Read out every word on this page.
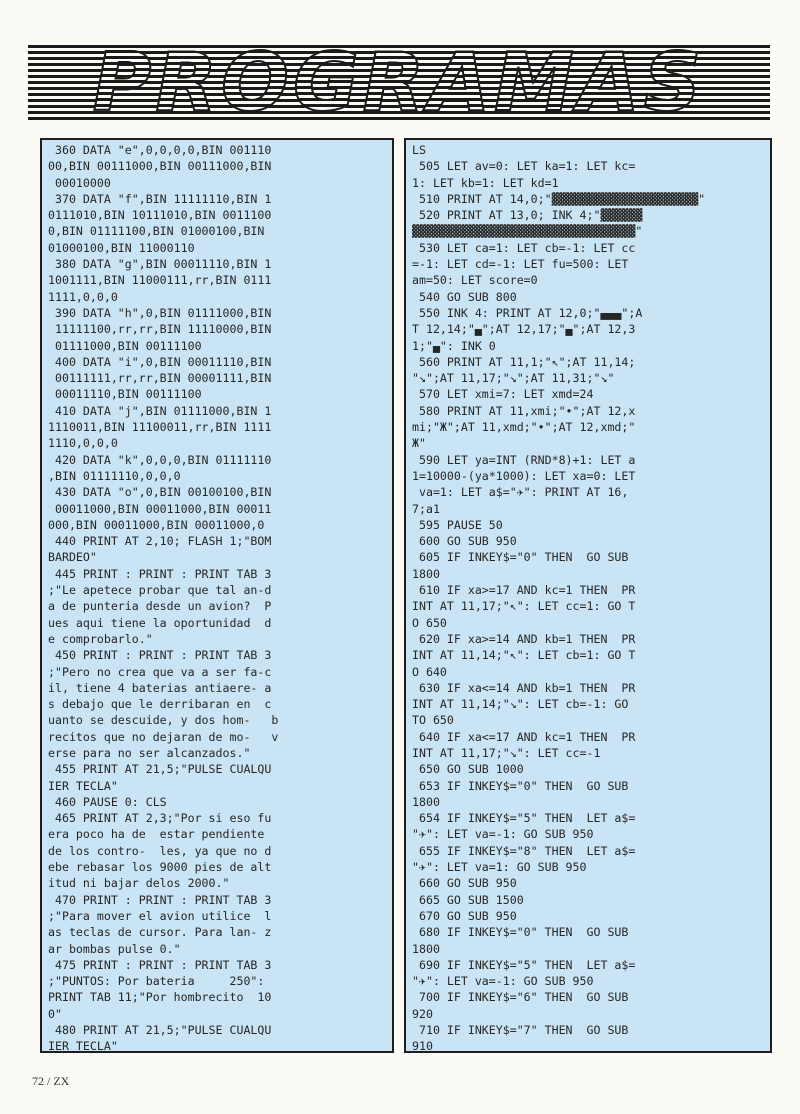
PROGRAMAS
360 DATA "e",0,0,0,0,BIN 001110
00,BIN 00111000,BIN 00111000,BIN
00010000
370 DATA "f",BIN 11111110,BIN 1
0111010,BIN 10111010,BIN 0011100
0,BIN 01111100,BIN 01000100,BIN
01000100,BIN 11000110
380 DATA "g",BIN 00011110,BIN 1
1001111,BIN 11000111,rr,BIN 0111
1111,0,0,0
390 DATA "h",0,BIN 01111000,BIN
11111100,rr,rr,BIN 11110000,BIN
01111000,BIN 00111100
400 DATA "i",0,BIN 00011110,BIN
00111111,rr,rr,BIN 00001111,BIN
00011110,BIN 00111100
410 DATA "j",BIN 01111000,BIN 1
1110011,BIN 11100011,rr,BIN 1111
1110,0,0,0
420 DATA "k",0,0,0,BIN 01111110
,BIN 01111110,0,0,0
430 DATA "o",0,BIN 00100100,BIN
00011000,BIN 00011000,BIN 00011
000,BIN 00011000,BIN 00011000,0
440 PRINT AT 2,10; FLASH 1;"BOM
BARDEO"
445 PRINT : PRINT : PRINT TAB 3
;"Le apetece probar que tal an-d
a de punteria desde un avion?  P
ues aqui tiene la oportunidad  d
e comprobarlo."
450 PRINT : PRINT : PRINT TAB 3
;"Pero no crea que va a ser fa-c
il, tiene 4 baterias antiaere- a
s debajo que le derribaran en  c
uanto se descuide, y dos hom-   b
recitos que no dejaran de mo-   v
erse para no ser alcanzados."
455 PRINT AT 21,5;"PULSE CUALQU
IER TECLA"
460 PAUSE 0: CLS
465 PRINT AT 2,3;"Por si eso fu
era poco ha de  estar pendiente
de los contro-  les, ya que no d
ebe rebasar los 9000 pies de alt
itud ni bajar delos 2000."
470 PRINT : PRINT : PRINT TAB 3
;"Para mover el avion utilice  l
as teclas de cursor. Para lan- z
ar bombas pulse 0."
475 PRINT : PRINT : PRINT TAB 3
;"PUNTOS: Por bateria     250":
PRINT TAB 11;"Por hombrecito  10
0"
480 PRINT AT 21,5;"PULSE CUALQU
IER TECLA"

LS
505 LET av=0: LET ka=1: LET kc=
1: LET kb=1: LET kd=1
510 PRINT AT 14,0;"▓▓▓▓▓▓▓▓▓▓▓▓▓▓▓▓▓▓▓▓▓"
520 PRINT AT 13,0; INK 4;"▓▓▓▓▓▓
▓▓▓▓▓▓▓▓▓▓▓▓▓▓▓▓▓▓▓▓▓▓▓▓▓▓▓▓▓▓▓▓"
530 LET ca=1: LET cb=-1: LET cc
=-1: LET cd=-1: LET fu=500: LET
am=50: LET score=0
540 GO SUB 800
550 INK 4: PRINT AT 12,0;"▄▄▄";A
T 12,14;"▄";AT 12,17;"▄";AT 12,3
1;"▄": INK 0
560 PRINT AT 11,1;"↖";AT 11,14;
"↘";AT 11,17;"↘";AT 11,31;"↘"
570 LET xmi=7: LET xmd=24
580 PRINT AT 11,xmi;"•";AT 12,x
mi;"Ж";AT 11,xmd;"•";AT 12,xmd;"
Ж"
590 LET ya=INT (RND*8)+1: LET a
1=10000-(ya*1000): LET xa=0: LET
va=1: LET a$="✈": PRINT AT 16,
7;a1
595 PAUSE 50
600 GO SUB 950
605 IF INKEY$="0" THEN  GO SUB
1800
610 IF xa>=17 AND kc=1 THEN  PR
INT AT 11,17;"↖": LET cc=1: GO T
O 650
620 IF xa>=14 AND kb=1 THEN  PR
INT AT 11,14;"↖": LET cb=1: GO T
O 640
630 IF xa<=14 AND kb=1 THEN  PR
INT AT 11,14;"↘": LET cb=-1: GO
TO 650
640 IF xa<=17 AND kc=1 THEN  PR
INT AT 11,17;"↘": LET cc=-1
650 GO SUB 1000
653 IF INKEY$="0" THEN  GO SUB
1800
654 IF INKEY$="5" THEN  LET a$=
"✈": LET va=-1: GO SUB 950
655 IF INKEY$="8" THEN  LET a$=
"✈": LET va=1: GO SUB 950
660 GO SUB 950
665 GO SUB 1500
670 GO SUB 950
680 IF INKEY$="0" THEN  GO SUB
1800
690 IF INKEY$="5" THEN  LET a$=
"✈": LET va=-1: GO SUB 950
700 IF INKEY$="6" THEN  GO SUB
920
710 IF INKEY$="7" THEN  GO SUB
910

72 / ZX
